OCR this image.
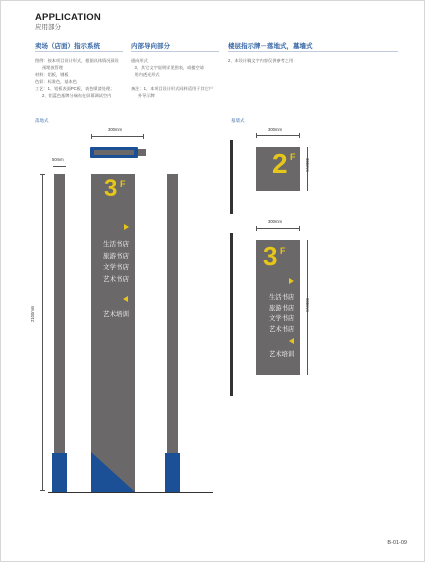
APPLICATION
应用部分
卖场（店面）指示系统	内部导向部分	楼层指示牌－落地式，墓墙式
图例：按本项目设计形式，根据具体情况预设
预埋放管理
材料：铝板，钢板
色彩：标准色，基本色
工艺：1、铝板表面PC板，表色喷漆处理；
2、铝蓝色基牌分端布在屏幕调试空内
通向形式
3、其它文字说明详见图表，或楼空请
用内透光形式

备注：1、本项目设计形式同样适用于其它户
外导示牌
2、本设计稿文字内容仅供参考之用
落地式	墓墙式
300mm
50mm
2100mm
3 F
生活书店
旅游书店
文学书店
艺术书店
艺术培训
300mm
2 F
300mm
300mm
3 F
生活书店
旅游书店
文学书店
艺术书店
艺术培训
900mm
B-01-09
